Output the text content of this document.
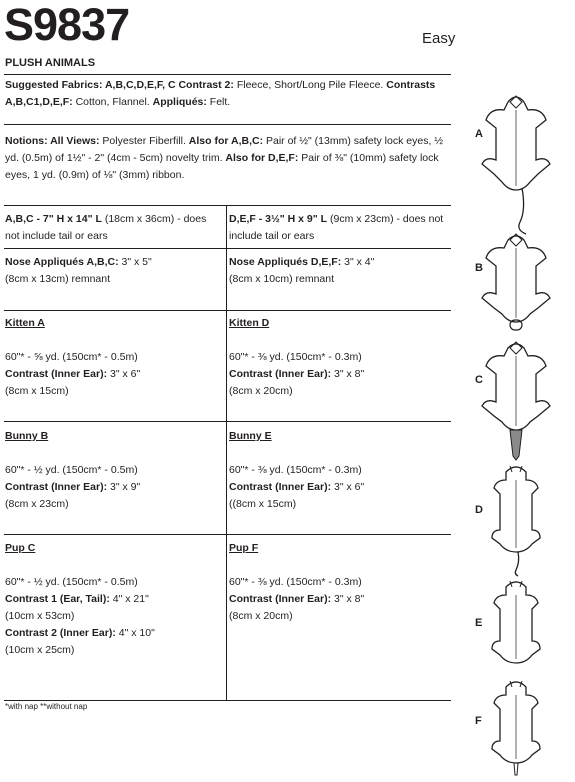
S9837	Easy
PLUSH ANIMALS
Suggested Fabrics: A,B,C,D,E,F, C Contrast 2: Fleece, Short/Long Pile Fleece. Contrasts A,B,C1,D,E,F: Cotton, Flannel. Appliqués: Felt.
Notions: All Views: Polyester Fiberfill. Also for A,B,C: Pair of ½" (13mm) safety lock eyes, ½ yd. (0.5m) of 1½" - 2" (4cm - 5cm) novelty trim. Also for D,E,F: Pair of ⅜" (10mm) safety lock eyes, 1 yd. (0.9m) of ⅛" (3mm) ribbon.
A,B,C - 7" H x 14" L (18cm x 36cm) - does not include tail or ears
D,E,F - 3½" H x 9" L (9cm x 23cm) - does not include tail or ears
Nose Appliqués A,B,C: 3" x 5"
(8cm x 13cm) remnant
Nose Appliqués D,E,F: 3" x 4"
(8cm x 10cm) remnant
Kitten A

60"* - ⅝ yd. (150cm* - 0.5m)
Contrast (Inner Ear): 3" x 6"
(8cm x 15cm)
Kitten D

60"* - ⅜ yd. (150cm* - 0.3m)
Contrast (Inner Ear): 3" x 8"
(8cm x 20cm)
Bunny B

60"* - ½ yd. (150cm* - 0.5m)
Contrast (Inner Ear): 3" x 9"
(8cm x 23cm)
Bunny E

60"* - ⅜ yd. (150cm* - 0.3m)
Contrast (Inner Ear): 3" x 6"
((8cm x 15cm)
Pup C

60"* - ½ yd. (150cm* - 0.5m)
Contrast 1 (Ear, Tail): 4" x 21"
(10cm x 53cm)
Contrast 2 (Inner Ear): 4" x 10"
(10cm x 25cm)
Pup F

60"* - ⅜ yd. (150cm* - 0.3m)
Contrast (Inner Ear): 3" x 8"
(8cm x 20cm)
*with nap **without nap
A
B
C
D
E
F
